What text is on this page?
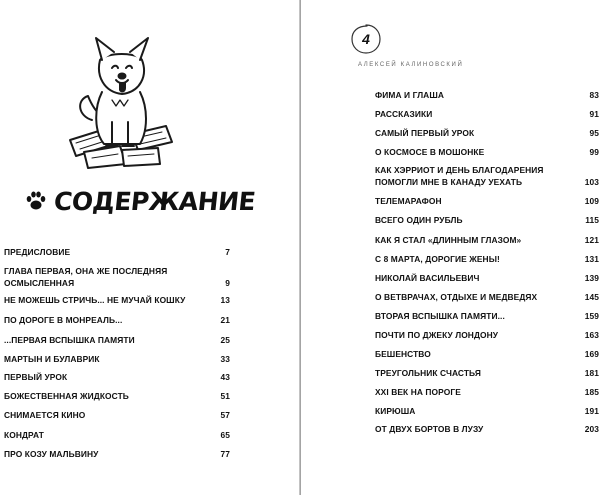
СОДЕРЖАНИЕ
ПРЕДИСЛОВИЕ	7
ГЛАВА ПЕРВАЯ, ОНА ЖЕ ПОСЛЕДНЯЯ ОСМЫСЛЕННАЯ	9
НЕ МОЖЕШЬ СТРИЧЬ... НЕ МУЧАЙ КОШКУ	13
ПО ДОРОГЕ В МОНРЕАЛЬ...	21
...ПЕРВАЯ ВСПЫШКА ПАМЯТИ	25
МАРТЫН И БУЛАВРИК	33
ПЕРВЫЙ УРОК	43
БОЖЕСТВЕННАЯ ЖИДКОСТЬ	51
СНИМАЕТСЯ КИНО	57
КОНДРАТ	65
ПРО КОЗУ МАЛЬВИНУ	77
4
АЛЕКСЕЙ КАЛИНОВСКИЙ
ФИМА И ГЛАША	83
РАССКАЗИКИ	91
САМЫЙ ПЕРВЫЙ УРОК	95
О КОСМОСЕ В МОШОНКЕ	99
КАК ХЭРРИОТ И ДЕНЬ БЛАГОДАРЕНИЯ ПОМОГЛИ МНЕ В КАНАДУ УЕХАТЬ	103
ТЕЛЕМАРАФОН	109
ВСЕГО ОДИН РУБЛЬ	115
КАК Я СТАЛ «ДЛИННЫМ ГЛАЗОМ»	121
С 8 МАРТА, ДОРОГИЕ ЖЕНЫ!	131
НИКОЛАЙ ВАСИЛЬЕВИЧ	139
О ВЕТВРАЧАХ, ОТДЫХЕ И МЕДВЕДЯХ	145
ВТОРАЯ ВСПЫШКА ПАМЯТИ...	159
ПОЧТИ ПО ДЖЕКУ ЛОНДОНУ	163
БЕШЕНСТВО	169
ТРЕУГОЛЬНИК СЧАСТЬЯ	181
XXI ВЕК НА ПОРОГЕ	185
КИРЮША	191
ОТ ДВУХ БОРТОВ В ЛУЗУ	203
